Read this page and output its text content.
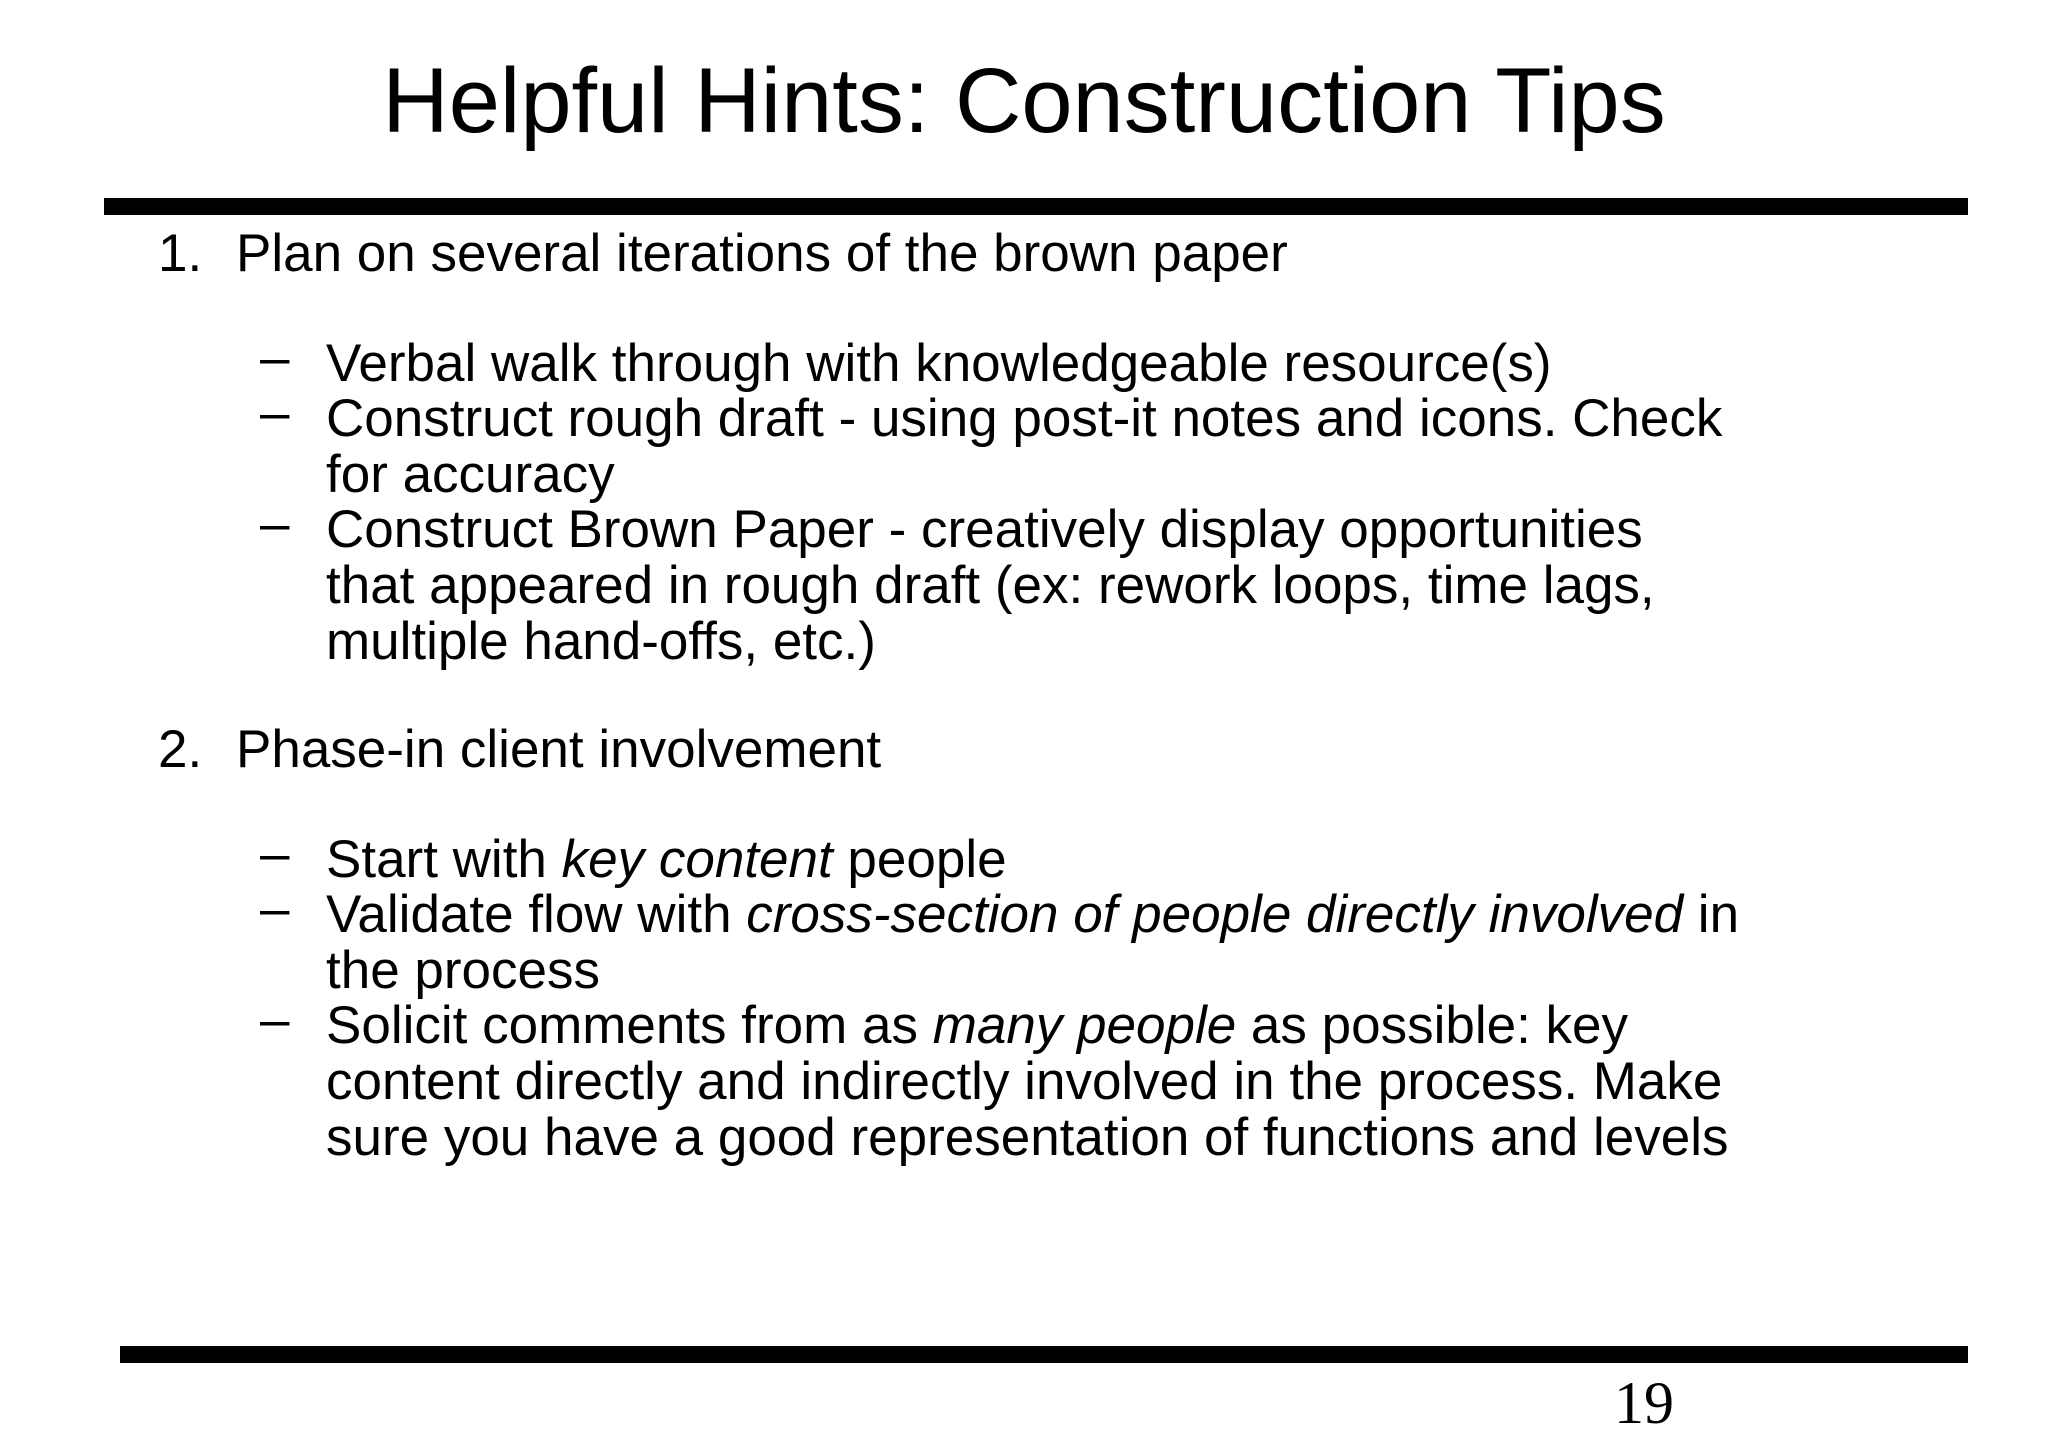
Helpful Hints: Construction Tips
1. Plan on several iterations of the brown paper
– Verbal walk through with knowledgeable resource(s)
– Construct rough draft - using post-it notes and icons. Check
for accuracy
– Construct Brown Paper - creatively display opportunities
that appeared in rough draft (ex: rework loops, time lags,
multiple hand-offs, etc.)
2. Phase-in client involvement
– Start with key content people
– Validate flow with cross-section of people directly involved in
the process
– Solicit comments from as many people as possible: key
content directly and indirectly involved in the process. Make
sure you have a good representation of functions and levels
19
